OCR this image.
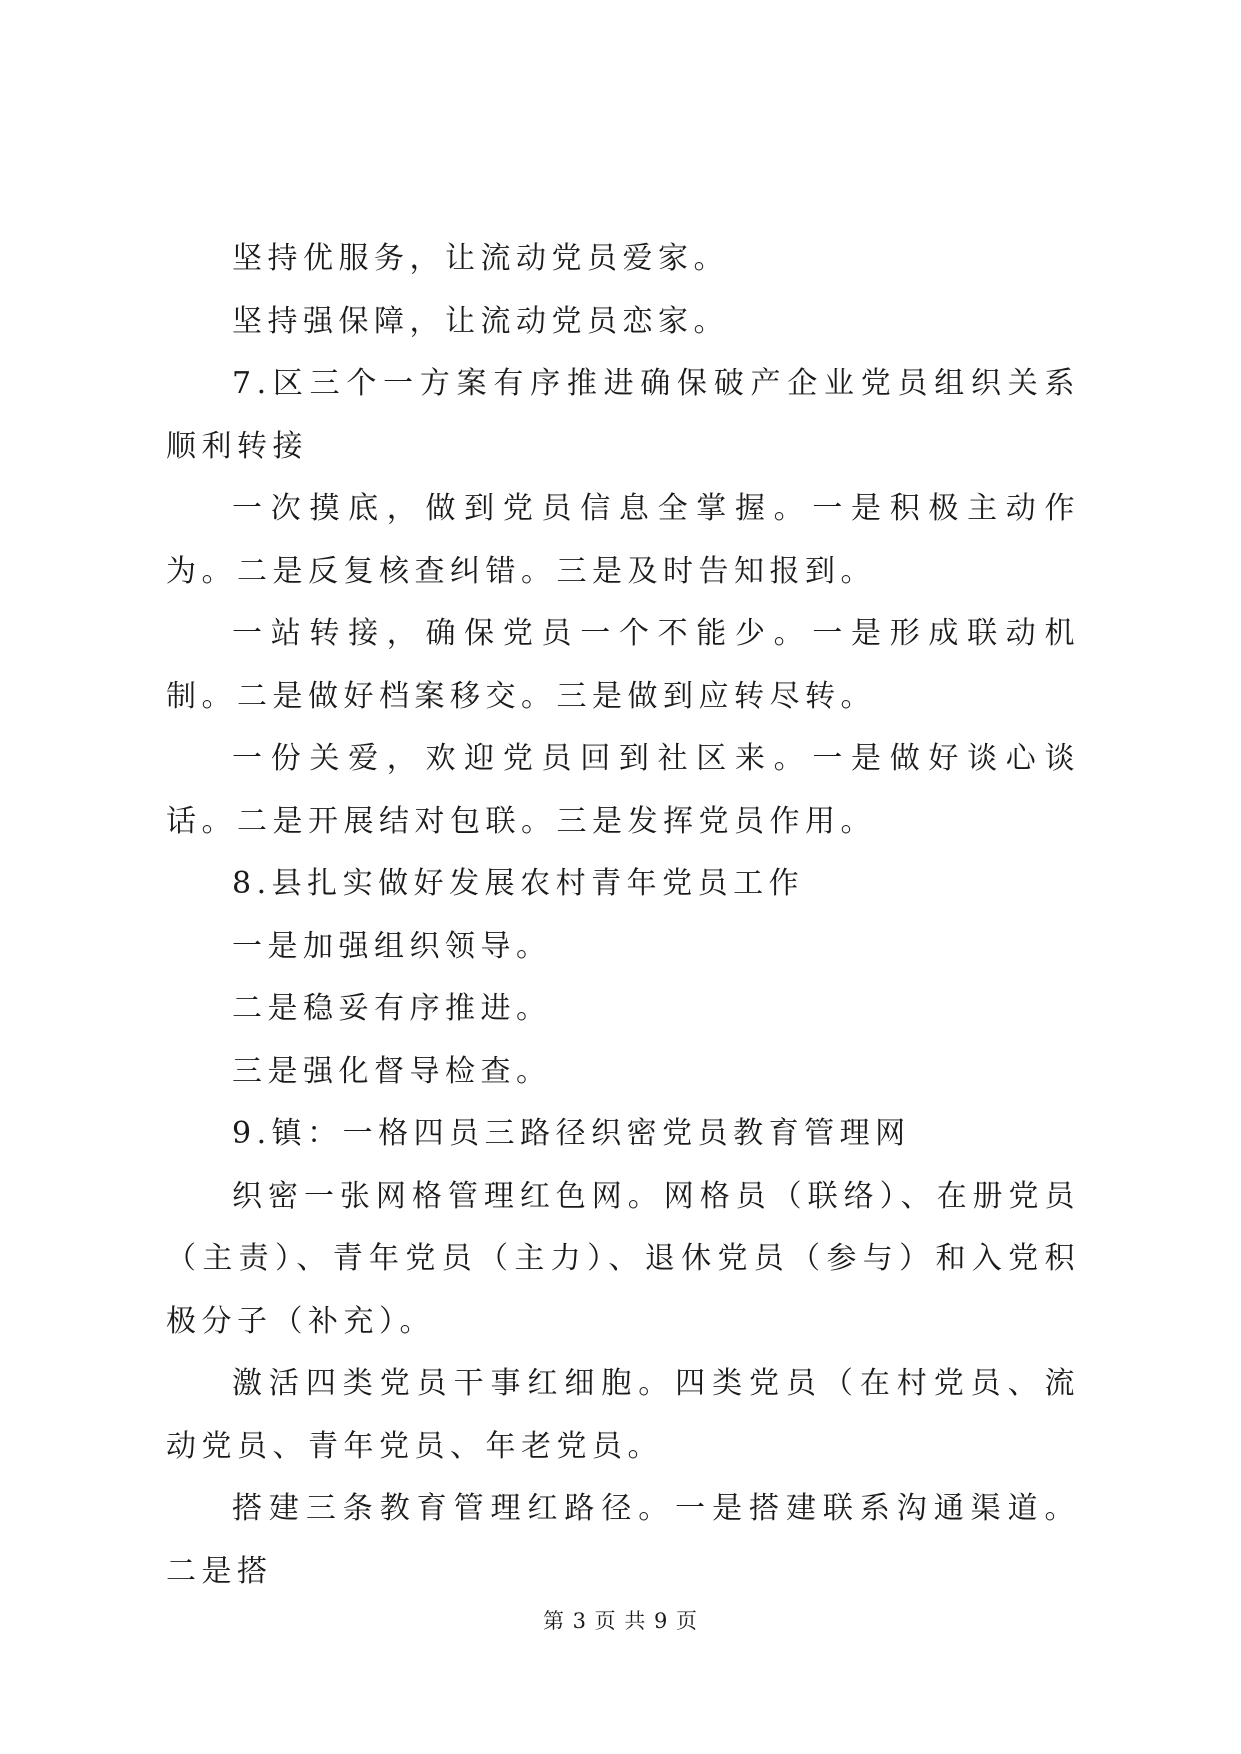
坚持优服务，让流动党员爱家。

坚持强保障，让流动党员恋家。

7.区三个一方案有序推进确保破产企业党员组织关系顺利转接

一次摸底，做到党员信息全掌握。一是积极主动作为。二是反复核查纠错。三是及时告知报到。

一站转接，确保党员一个不能少。一是形成联动机制。二是做好档案移交。三是做到应转尽转。

一份关爱，欢迎党员回到社区来。一是做好谈心谈话。二是开展结对包联。三是发挥党员作用。

8.县扎实做好发展农村青年党员工作

一是加强组织领导。

二是稳妥有序推进。

三是强化督导检查。

9.镇：一格四员三路径织密党员教育管理网

织密一张网格管理红色网。网格员（联络）、在册党员（主责）、青年党员（主力）、退休党员（参与）和入党积极分子（补充）。

激活四类党员干事红细胞。四类党员（在村党员、流动党员、青年党员、年老党员。

搭建三条教育管理红路径。一是搭建联系沟通渠道。二是搭

第 3 页 共 9 页
